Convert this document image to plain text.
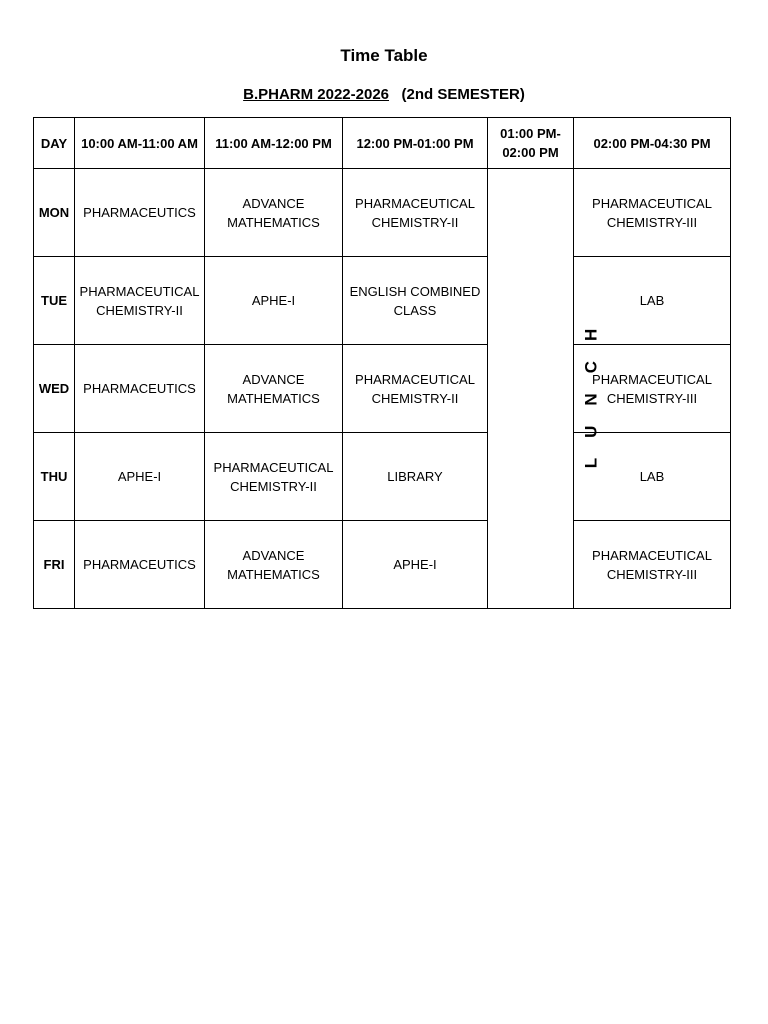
Time Table
B.PHARM 2022-2026 (2nd SEMESTER)
DAY	10:00 AM-11:00 AM	11:00 AM-12:00 PM	12:00 PM-01:00 PM	01:00 PM- 02:00 PM	02:00 PM-04:30 PM
MON	PHARMACEUTICS	ADVANCE MATHEMATICS	PHARMACEUTICAL CHEMISTRY-II	LUNCH	PHARMACEUTICAL CHEMISTRY-III
TUE	PHARMACEUTICAL CHEMISTRY-II	APHE-I	ENGLISH COMBINED CLASS		LAB
WED	PHARMACEUTICS	ADVANCE MATHEMATICS	PHARMACEUTICAL CHEMISTRY-II		PHARMACEUTICAL CHEMISTRY-III
THU	APHE-I	PHARMACEUTICAL CHEMISTRY-II	LIBRARY		LAB
FRI	PHARMACEUTICS	ADVANCE MATHEMATICS	APHE-I		PHARMACEUTICAL CHEMISTRY-III
